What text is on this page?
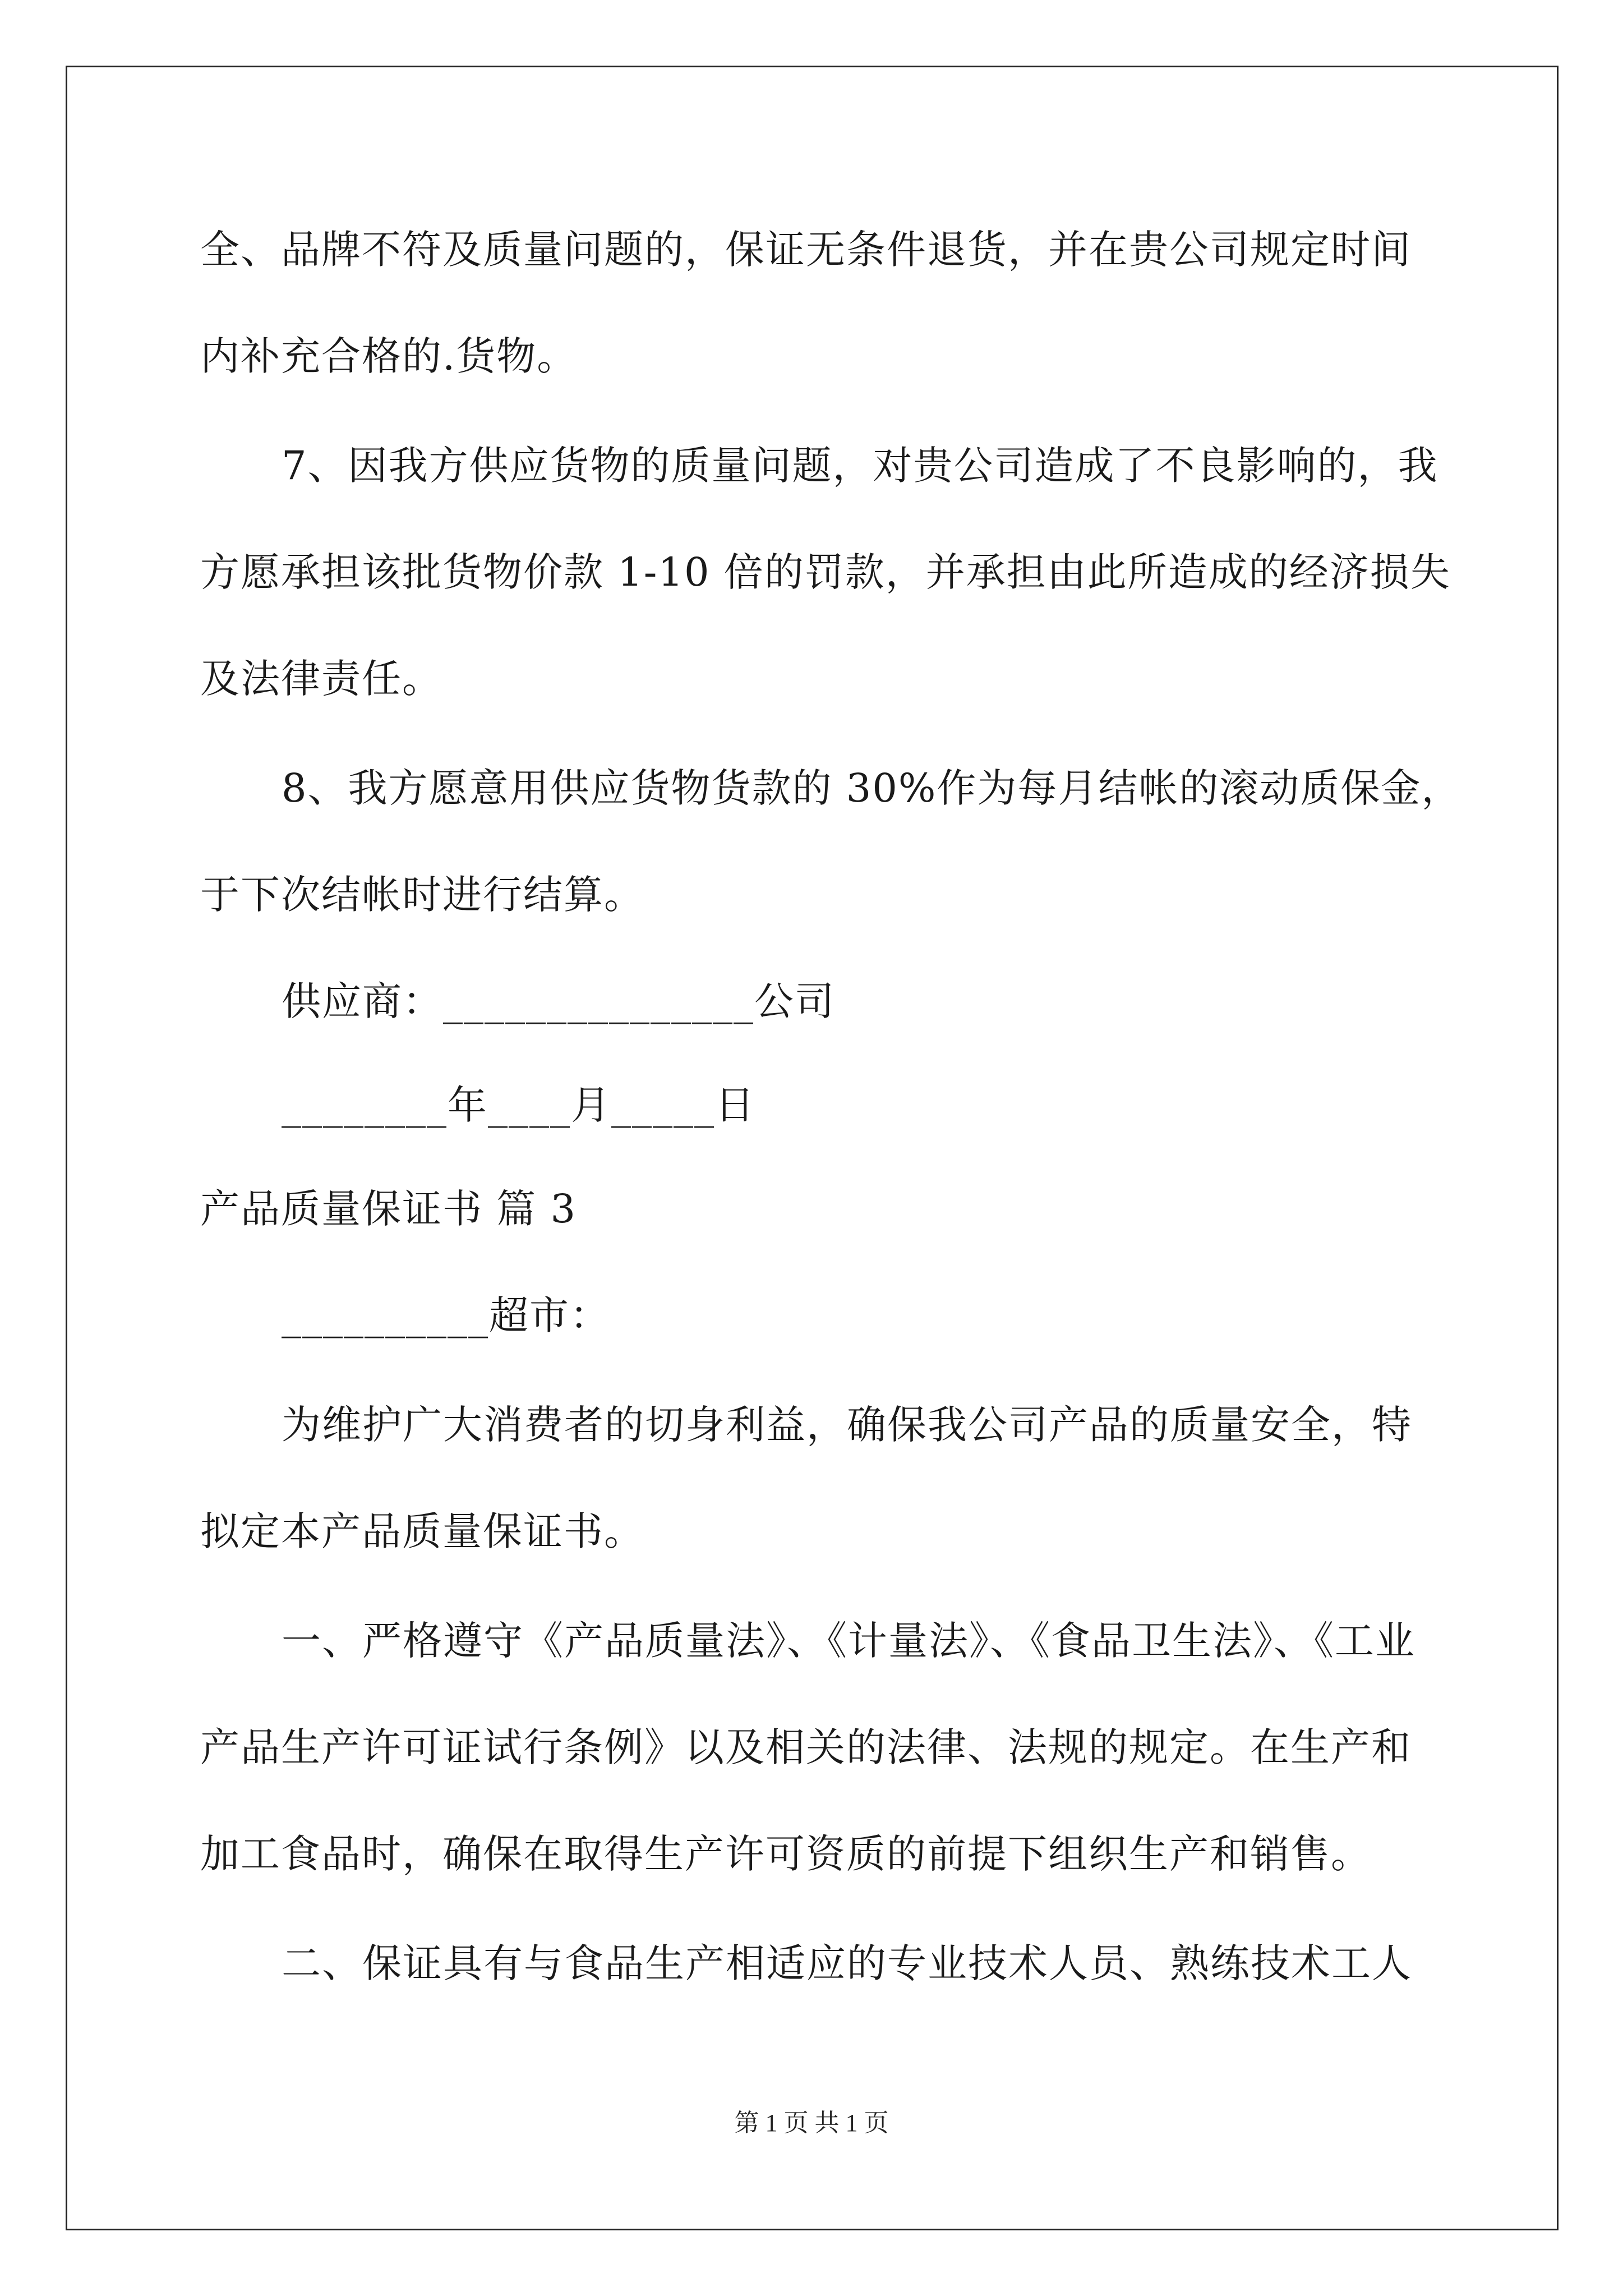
全、品牌不符及质量问题的，保证无条件退货，并在贵公司规定时间
内补充合格的.货物。
7、因我方供应货物的质量问题，对贵公司造成了不良影响的，我
方愿承担该批货物价款 1-10 倍的罚款，并承担由此所造成的经济损失
及法律责任。
8、我方愿意用供应货物货款的 30%作为每月结帐的滚动质保金，
于下次结帐时进行结算。
供应商：_______________公司
________年____月_____日
产品质量保证书 篇 3
__________超市：
为维护广大消费者的切身利益，确保我公司产品的质量安全，特
拟定本产品质量保证书。
一、严格遵守《产品质量法》、《计量法》、《食品卫生法》、《工业
产品生产许可证试行条例》以及相关的法律、法规的规定。在生产和
加工食品时，确保在取得生产许可资质的前提下组织生产和销售。
二、保证具有与食品生产相适应的专业技术人员、熟练技术工人
第 1 页 共 1 页
